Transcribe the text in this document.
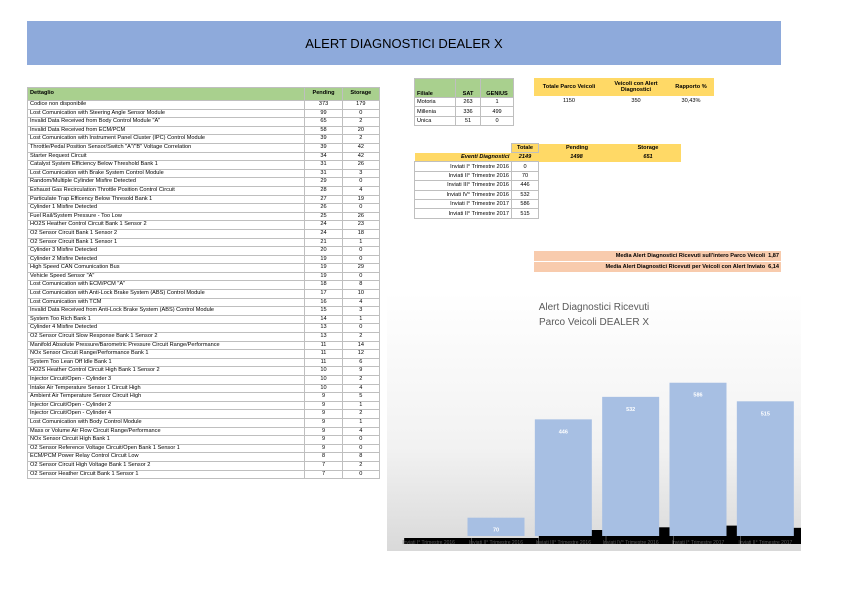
ALERT DIAGNOSTICI DEALER X
Dettaglio	Pending	Storage
Codice non disponibile	373	179
Lost Comunication with Steering Angle Sensor Module	99	0
Invalid Data Received from Body Control Module "A"	65	2
Invalid Data Received from ECM/PCM	58	20
Lost Comunication with Instrument Panel Cluster (IPC) Control Module	39	2
Throttle/Pedal Position Sensor/Switch "A"/"B" Voltage Correlation	39	42
Starter Request Circuit	34	42
Catalyst System Efficiency Below Threshold Bank 1	31	26
Lost Comunication with Brake System Control Module	31	3
Random/Multiple Cylinder Misfire Detected	29	0
Exhaust Gas Recirculation Throttle Position Control Circuit	28	4
Particulate Trap Efficency Below Thresold Bank 1	27	19
Cylinder 1 Misfire Detected	26	0
Fuel Rail/System Pressure - Too Low	25	26
HO2S Heather Control Circuit Bank 1 Sensor 2	24	23
O2 Sensor Circuit Bank 1 Sensor 2	24	18
O2 Sensor Circuit Bank 1 Sensor 1	21	1
Cylinder 3 Misfire Detected	20	0
Cylinder 2 Misfire Detected	19	0
High Speed CAN Comunication Bus	19	29
Vehicle Speed Sensor "A"	19	0
Lost Comunication with ECM/PCM "A"	18	8
Lost Comunication with Anti-Lock Brake System (ABS) Control Module	17	10
Lost Comunication with TCM	16	4
Invalid Data Received from Anti-Lock Brake System (ABS) Control Module	15	3
System Too Rich Bank 1	14	1
Cylinder 4 Misfire Detected	13	0
O2 Sensor Circuit Slow Response Bank 1 Sensor 2	13	2
Manifold Absolute Pressure/Barometric Pressure Circuit Range/Performance	11	14
NOx Sensor Circuit Range/Performance Bank 1	11	12
System Too Lean Off Idle Bank 1	11	6
HO2S Heather Control Circuit High Bank 1 Sensor 2	10	9
Injector Circuit/Open - Cylinder 3	10	2
Intake Air Temperature Sensor 1 Circuit High	10	4
Ambient Air Temperature Sensor Circuit High	9	5
Injector Circuit/Open - Cylinder 2	9	1
Injector Circuit/Open - Cylinder 4	9	2
Lost Comunication with Body Control Module	9	1
Mass or Volume Air Flow Circuit Range/Performance	9	4
NOx Sensor Circuit High Bank 1	9	0
O2 Sensor Reference Voltage Circuit/Open Bank 1 Sensor 1	9	0
ECM/PCM Power Relay Control Circuit Low	8	8
O2 Sensor Circuit High Voltage Bank 1 Sensor 2	7	2
O2 Sensor Heather Circuit Bank 1 Sensor 1	7	0
Filiale	SAT	GENIUS
Motoria	263	1
Millenia	336	499
Unica	51	0
Totale Parco Veicoli	Veicoli con Alert Diagnostici	Rapporto %
1150	350	30,43%
	Totale	Pending	Storage
Eventi Diagnostici	2149	1498	651
Inviati I° Trimestre 2016	0		
Inviati II° Trimestre 2016	70		
Inviati III° Trimestre 2016	446		
Inviati IV° Trimestre 2016	532		
Inviati I° Trimestre 2017	586		
Inviati II° Trimestre 2017	515		
Media Alert Diagnostici Ricevuti sull'intero Parco Veicoli 1,87
Media Alert Diagnostici Ricevuti per Veicoli con Alert Inviato 6,14
Alert Diagnostici Ricevuti
Parco Veicoli DEALER X
Inviati I° Trimestre 2016
70
Inviati II° Trimestre 2016
446
Inviati III° Trimestre 2016
532
Inviati IV° Trimestre 2016
586
Inviati I° Trimestre 2017
515
Inviati II° Trimestre 2017
